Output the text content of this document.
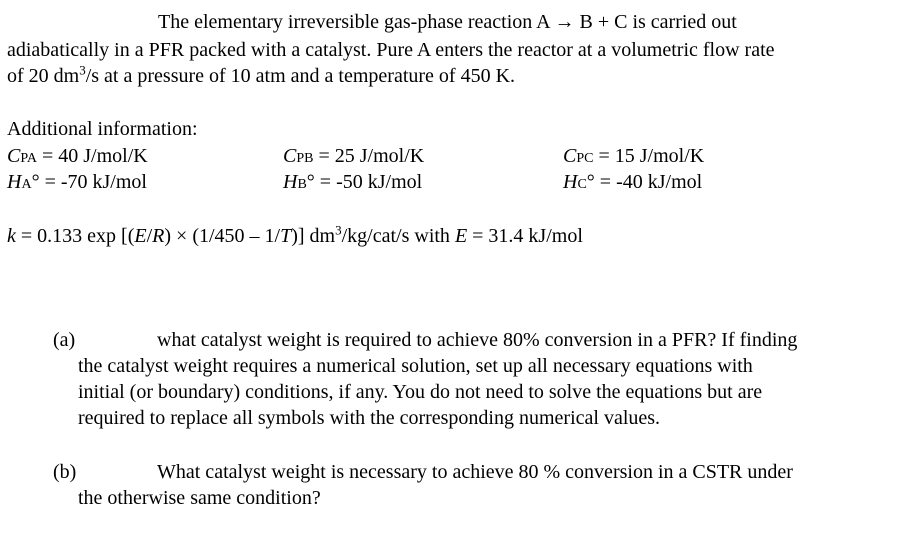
The elementary irreversible gas-phase reaction A → B + C is carried out
adiabatically in a PFR packed with a catalyst. Pure A enters the reactor at a volumetric flow rate
of 20 $dm^3/s$ at a pressure of 10 atm and a temperature of 450 K.
Additional information:
CPA = 40 J/mol/K	CPB = 25 J/mol/K	CPC = 15 J/mol/K
HA° = -70 kJ/mol	HB° = -50 kJ/mol	HC° = -40 kJ/mol
k = 0.133 exp [(E/R) × (1/450 – 1/T)] $dm^3/kg/cat/s$ with E = 31.4 kJ/mol
(a)	what catalyst weight is required to achieve 80% conversion in a PFR? If finding
the catalyst weight requires a numerical solution, set up all necessary equations with
initial (or boundary) conditions, if any. You do not need to solve the equations but are
required to replace all symbols with the corresponding numerical values.
(b)	What catalyst weight is necessary to achieve 80 % conversion in a CSTR under
the otherwise same condition?
